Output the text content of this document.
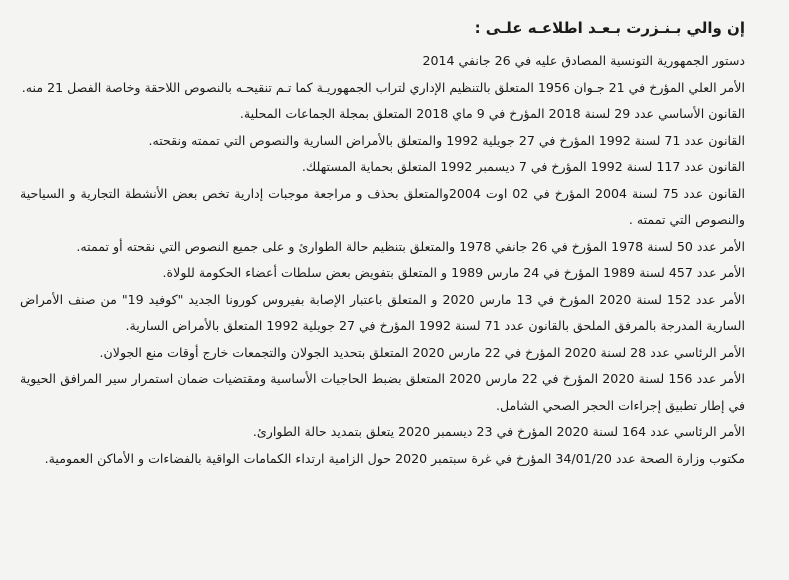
إن والي بـنـزرت بـعـد اطلاعـه علـى :
دستور الجمهورية التونسية المصادق عليه في 26 جانفي 2014
الأمر العلي المؤرخ في 21 جـوان 1956 المتعلق بالتنظيم الإداري لتراب الجمهوريـة كما تـم تنقيحـه بالنصوص اللاحقة وخاصة الفصل 21 منه.
القانون الأساسي عدد 29 لسنة 2018 المؤرخ في 9 ماي 2018 المتعلق بمجلة الجماعات المحلية.
القانون عدد 71 لسنة 1992 المؤرخ في 27 جويلية 1992 والمتعلق بالأمراض السارية والنصوص التي تممته ونقحته.
القانون عدد 117 لسنة 1992 المؤرخ في 7 ديسمبر 1992 المتعلق بحماية المستهلك.
القانون عدد 75 لسنة 2004 المؤرخ في 02 اوت 2004والمتعلق بحذف و مراجعة موجبات إدارية تخص بعض الأنشطة التجارية و السياحية والنصوص التي تممته .
الأمر عدد 50 لسنة 1978 المؤرخ في 26 جانفي 1978 والمتعلق بتنظيم حالة الطوارئ و على جميع النصوص التي نقحته أو تممته.
الأمر عدد 457 لسنة 1989 المؤرخ في 24 مارس 1989 و المتعلق بتفويض بعض سلطات أعضاء الحكومة للولاة.
الأمر عدد 152 لسنة 2020 المؤرخ في 13 مارس 2020 و المتعلق باعتبار الإصابة بفيروس كورونا الجديد "كوفيد 19" من صنف الأمراض السارية المدرجة بالمرفق الملحق بالقانون عدد 71 لسنة 1992 المؤرخ في 27 جويلية 1992 المتعلق بالأمراض السارية.
الأمر الرئاسي عدد 28 لسنة 2020 المؤرخ في 22 مارس 2020 المتعلق بتحديد الجولان والتجمعات خارج أوقات منع الجولان.
الأمر عدد 156 لسنة 2020 المؤرخ في 22 مارس 2020 المتعلق بضبط الحاجيات الأساسية ومقتضيات ضمان استمرار سير المرافق الحيوية في إطار تطبيق إجراءات الحجر الصحي الشامل.
الأمر الرئاسي عدد 164 لسنة 2020 المؤرخ في 23 ديسمبر 2020 يتعلق بتمديد حالة الطوارئ.
مكتوب وزارة الصحة عدد 34/01/20 المؤرخ في غرة سبتمبر 2020 حول الزامية ارتداء الكمامات الواقية بالفضاءات و الأماكن العمومية.
